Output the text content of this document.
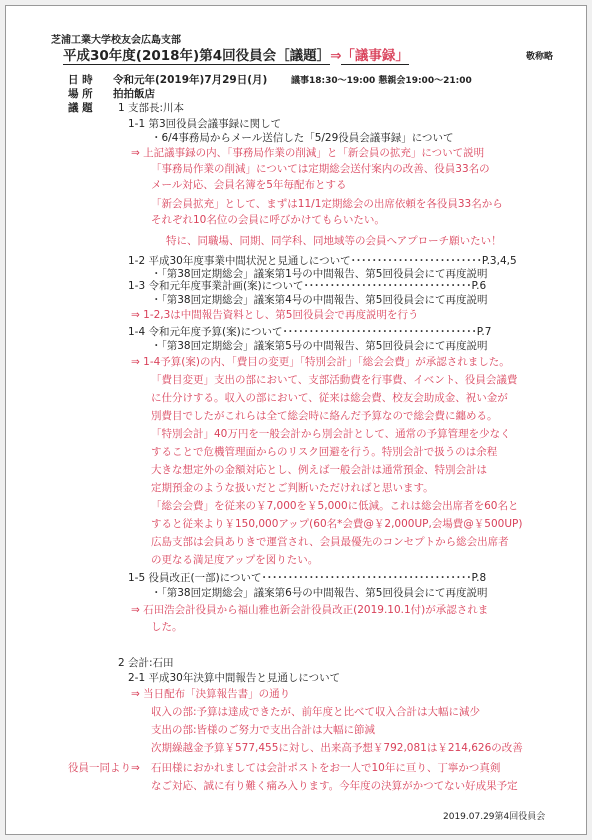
芝浦工業大学校友会広島支部
平成30年度(2018年)第4回役員会［議題］⇒「議事録」	敬称略
日 時 令和元年(2019年)7月29日(月)	議事18:30～19:00 懇親会19:00～21:00
場 所 拍拍飯店
議 題 1 支部長:川本
1-1 第3回役員会議事録に関して
・6/4事務局からメール送信した「5/29役員会議事録」について
⇒ 上記議事録の内、「事務局作業の削減」と「新会員の拡充」について説明
「事務局作業の削減」については定期総会送付案内の改善、役員33名の
メール対応、会員名簿を5年毎配布とする
「新会員拡充」として、まずは11/1定期総会の出席依頼を各役員33名から
それぞれ10名位の会員に呼びかけてもらいたい。
特に、同職場、同期、同学科、同地域等の会員へアプローチ願いたい！
1-2 平成30年度事業中間状況と見通しについて･････････････････････････P.3,4,5
・「第38回定期総会」議案第1号の中間報告、第5回役員会にて再度説明
1-3 令和元年度事業計画(案)について････････････････････････････････P.6
・「第38回定期総会」議案第4号の中間報告、第5回役員会にて再度説明
⇒ 1-2,3は中間報告資料とし、第5回役員会で再度説明を行う
1-4 令和元年度予算(案)について･････････････････････････････････････P.7
・「第38回定期総会」議案第5号の中間報告、第5回役員会にて再度説明
⇒ 1-4予算(案)の内、「費目の変更」「特別会計」「総会会費」が承認されました。
「費目変更」支出の部において、支部活動費を行事費、イベント、役員会議費
に仕分けする。収入の部において、従来は総会費、校友会助成金、祝い金が
別費目でしたがこれらは全て総会時に絡んだ予算なので総会費に纏める。
「特別会計」40万円を一般会計から別会計として、通常の予算管理を少なく
することで危機管理面からのリスク回避を行う。特別会計で扱うのは余程
大きな想定外の金額対応とし、例えば一般会計は通常預金、特別会計は
定期預金のような扱いだとご判断いただければと思います。
「総会会費」を従来の￥7,000を￥5,000に低減。これは総会出席者を60名と
すると従来より￥150,000アップ(60名*会費@￥2,000UP,会場費@￥500UP)
広島支部は会員ありきで運営され、会員最優先のコンセプトから総会出席者
の更なる満足度アップを図りたい。
1-5 役員改正(一部)について････････････････････････････････････････P.8
・「第38回定期総会」議案第6号の中間報告、第5回役員会にて再度説明
⇒ 石田浩会計役員から福山雅也新会計役員改正(2019.10.1付)が承認されま
した。
2 会計:石田
2-1 平成30年決算中間報告と見通しについて
⇒ 当日配布「決算報告書」の通り
収入の部:予算は達成できたが、前年度と比べて収入合計は大幅に減少
支出の部:皆様のご努力で支出合計は大幅に節減
次期繰越金予算￥577,455に対し、出来高予想￥792,081は￥214,626の改善
役員一同より⇒ 石田様におかれましては会計ポストをお一人で10年に亘り、丁寧かつ真剣
なご対応、誠に有り難く痛み入ります。今年度の決算がかつてない好成果予定
2019.07.29第4回役員会
